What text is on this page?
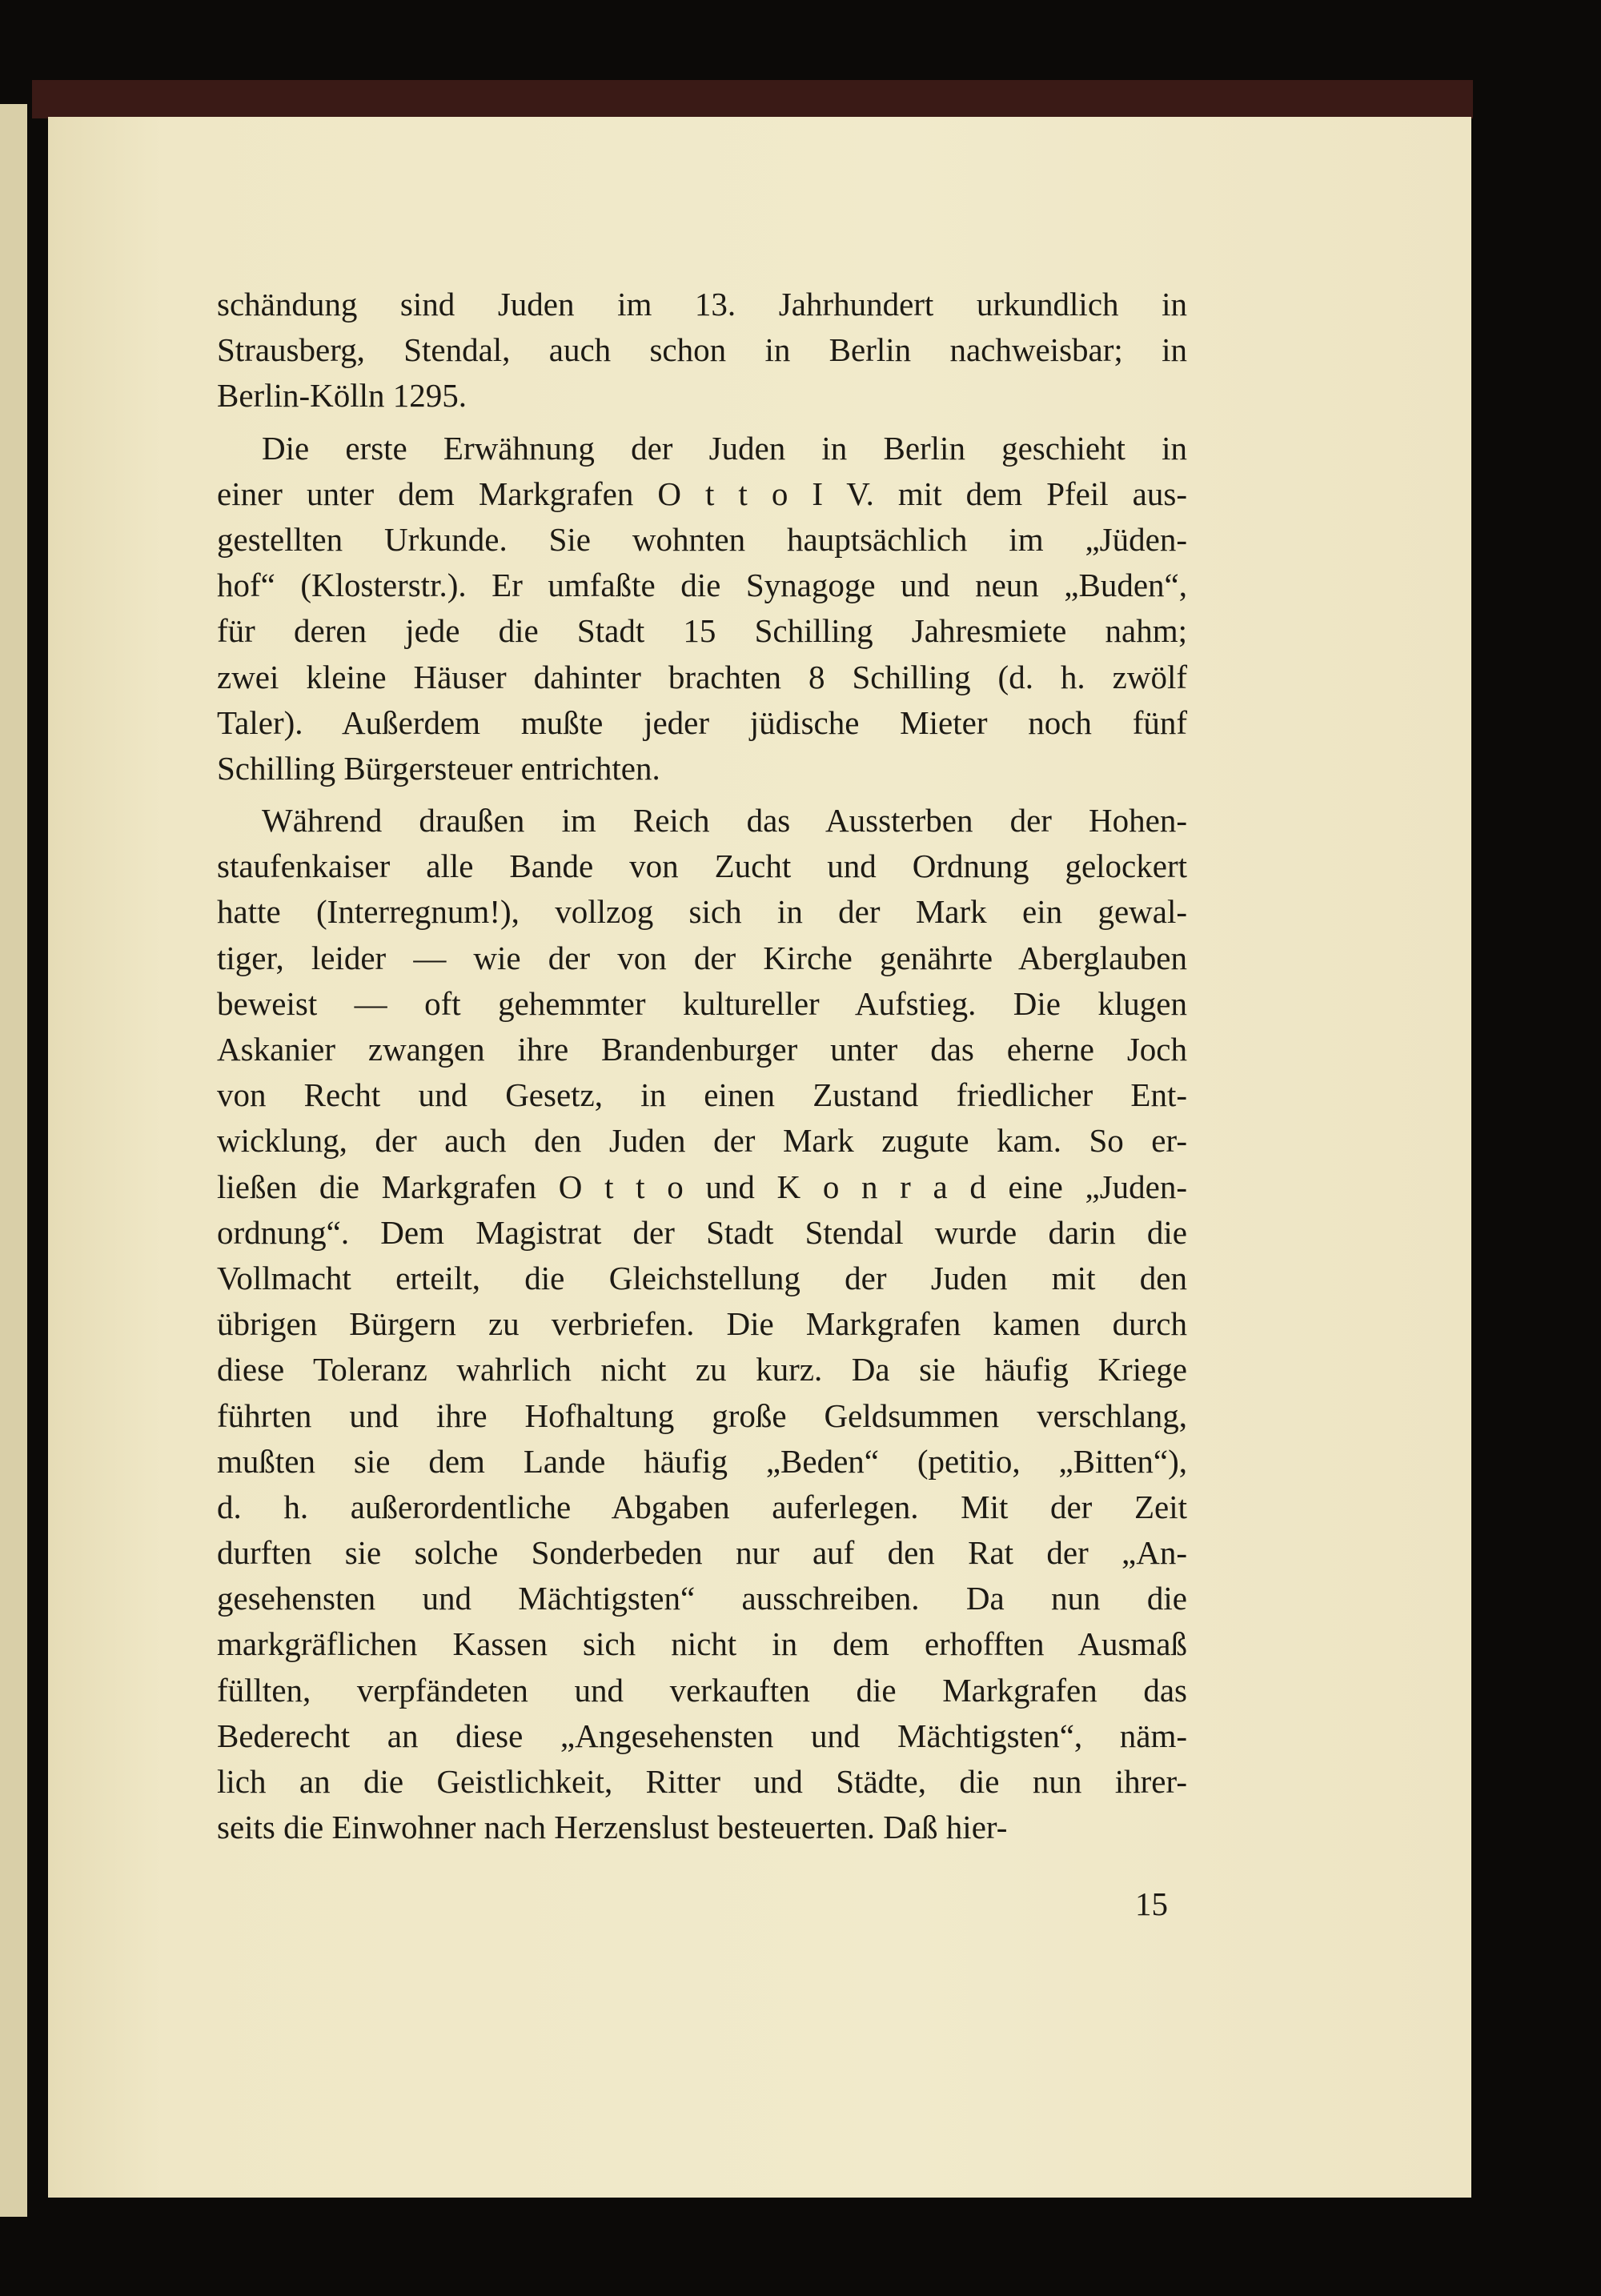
schändung sind Juden im 13. Jahrhundert urkundlich in
Strausberg, Stendal, auch schon in Berlin nachweisbar; in
Berlin-Kölln 1295.
Die erste Erwähnung der Juden in Berlin geschieht in
einer unter dem Markgrafen O t t o I V. mit dem Pfeil aus-
gestellten Urkunde. Sie wohnten hauptsächlich im „Jüden-
hof“ (Klosterstr.). Er umfaßte die Synagoge und neun „Buden“,
für deren jede die Stadt 15 Schilling Jahresmiete nahm;
zwei kleine Häuser dahinter brachten 8 Schilling (d. h. zwölf
Taler). Außerdem mußte jeder jüdische Mieter noch fünf
Schilling Bürgersteuer entrichten.
Während draußen im Reich das Aussterben der Hohen-
staufenkaiser alle Bande von Zucht und Ordnung gelockert
hatte (Interregnum!), vollzog sich in der Mark ein gewal-
tiger, leider — wie der von der Kirche genährte Aberglauben
beweist — oft gehemmter kultureller Aufstieg. Die klugen
Askanier zwangen ihre Brandenburger unter das eherne Joch
von Recht und Gesetz, in einen Zustand friedlicher Ent-
wicklung, der auch den Juden der Mark zugute kam. So er-
ließen die Markgrafen O t t o und K o n r a d eine „Juden-
ordnung“. Dem Magistrat der Stadt Stendal wurde darin die
Vollmacht erteilt, die Gleichstellung der Juden mit den
übrigen Bürgern zu verbriefen. Die Markgrafen kamen durch
diese Toleranz wahrlich nicht zu kurz. Da sie häufig Kriege
führten und ihre Hofhaltung große Geldsummen verschlang,
mußten sie dem Lande häufig „Beden“ (petitio, „Bitten“),
d. h. außerordentliche Abgaben auferlegen. Mit der Zeit
durften sie solche Sonderbeden nur auf den Rat der „An-
gesehensten und Mächtigsten“ ausschreiben. Da nun die
markgräflichen Kassen sich nicht in dem erhofften Ausmaß
füllten, verpfändeten und verkauften die Markgrafen das
Bederecht an diese „Angesehensten und Mächtigsten“, näm-
lich an die Geistlichkeit, Ritter und Städte, die nun ihrer-
seits die Einwohner nach Herzenslust besteuerten. Daß hier-
15
